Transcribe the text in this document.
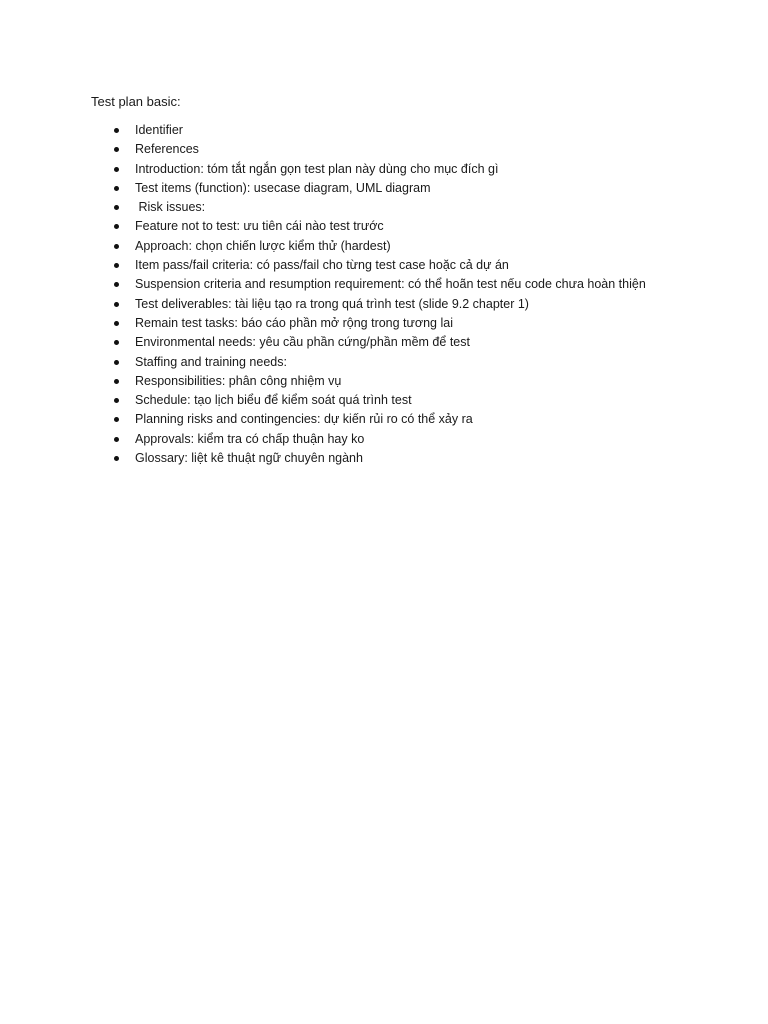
Test plan basic:
Identifier
References
Introduction: tóm tắt ngắn gọn test plan này dùng cho mục đích gì
Test items (function): usecase diagram, UML diagram
Risk issues:
Feature not to test: ưu tiên cái nào test trước
Approach: chọn chiến lược kiểm thử (hardest)
Item pass/fail criteria: có pass/fail cho từng test case hoặc cả dự án
Suspension criteria and resumption requirement: có thể hoãn test nếu code chưa hoàn thiện
Test deliverables: tài liệu tạo ra trong quá trình test (slide 9.2 chapter 1)
Remain test tasks: báo cáo phần mở rộng trong tương lai
Environmental needs: yêu cầu phần cứng/phần mềm để test
Staffing and training needs:
Responsibilities: phân công nhiệm vụ
Schedule: tạo lịch biểu để kiểm soát quá trình test
Planning risks and contingencies: dự kiến rủi ro có thể xảy ra
Approvals: kiểm tra có chấp thuận hay ko
Glossary: liệt kê thuật ngữ chuyên ngành
